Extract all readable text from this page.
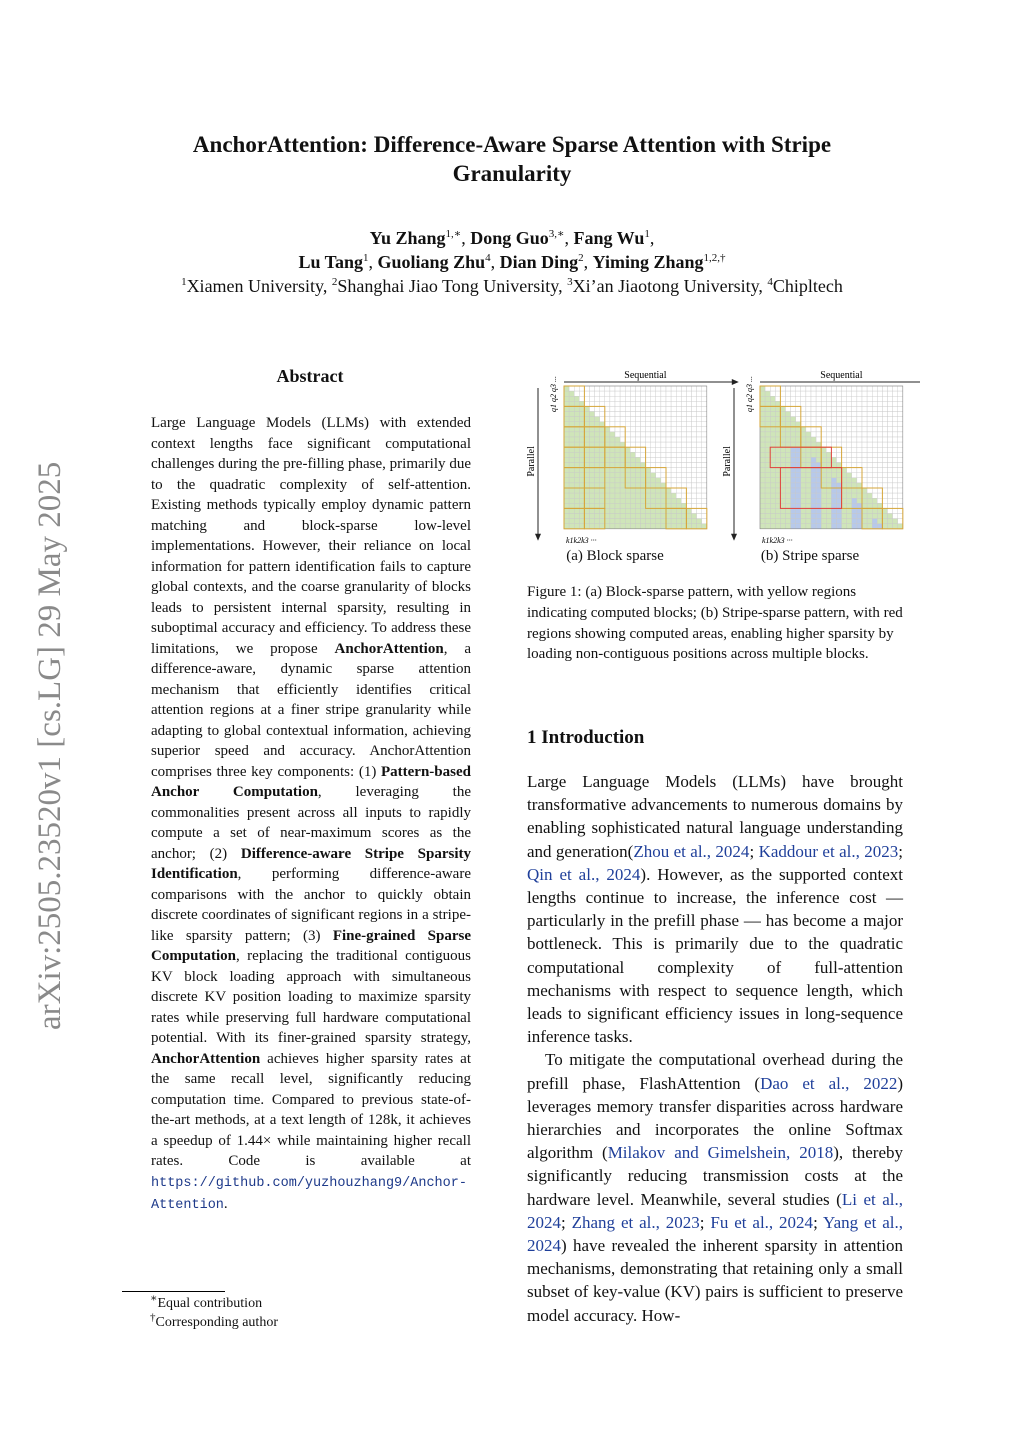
arXiv:2505.23520v1 [cs.LG] 29 May 2025
AnchorAttention: Difference-Aware Sparse Attention with Stripe
Granularity
Yu Zhang$^{1,∗}$, Dong Guo$^{3,∗}$, Fang Wu$^1$,
Lu Tang$^1$, Guoliang Zhu$^4$, Dian Ding$^2$, Yiming Zhang$^{1,2,\dagger}$
$^1$Xiamen University, $^2$Shanghai Jiao Tong University, $^3$Xi’an Jiaotong University, $^4$Chipltech
Abstract
Large Language Models (LLMs) with extended context lengths face significant computational challenges during the pre-filling phase, primarily due to the quadratic complexity of self-attention. Existing methods typically employ dynamic pattern matching and block-sparse low-level implementations. However, their reliance on local information for pattern identification fails to capture global contexts, and the coarse granularity of blocks leads to persistent internal sparsity, resulting in suboptimal accuracy and efficiency. To address these limitations, we propose AnchorAttention, a difference-aware, dynamic sparse attention mechanism that efficiently identifies critical attention regions at a finer stripe granularity while adapting to global contextual information, achieving superior speed and accuracy. AnchorAttention comprises three key components: (1) Pattern-based Anchor Computation, leveraging the commonalities present across all inputs to rapidly compute a set of near-maximum scores as the anchor; (2) Difference-aware Stripe Sparsity Identification, performing difference-aware comparisons with the anchor to quickly obtain discrete coordinates of significant regions in a stripe-like sparsity pattern; (3) Fine-grained Sparse Computation, replacing the traditional contiguous KV block loading approach with simultaneous discrete KV position loading to maximize sparsity rates while preserving full hardware computational potential. With its finer-grained sparsity strategy, AnchorAttention achieves higher sparsity rates at the same recall level, significantly reducing computation time. Compared to previous state-of-the-art methods, at a text length of 128k, it achieves a speedup of 1.44× while maintaining higher recall rates. Code is available at https://github.com/yuzhouzhang9/Anchor-Attention.
∗Equal contribution
†Corresponding author
Sequential
Parallel
q1 q2 q3 ...
k1k2k3 ···
Sequential
Parallel
q1 q2 q3 ...
k1k2k3 ···
(a) Block sparse	(b) Stripe sparse
Figure 1: (a) Block-sparse pattern, with yellow regions indicating computed blocks; (b) Stripe-sparse pattern, with red regions showing computed areas, enabling higher sparsity by loading non-contiguous positions across multiple blocks.
1 Introduction

Large Language Models (LLMs) have brought transformative advancements to numerous domains by enabling sophisticated natural language understanding and generation(Zhou et al., 2024; Kaddour et al., 2023; Qin et al., 2024). However, as the supported context lengths continue to increase, the inference cost — particularly in the prefill phase — has become a major bottleneck. This is primarily due to the quadratic computational complexity of full-attention mechanisms with respect to sequence length, which leads to significant efficiency issues in long-sequence inference tasks.

To mitigate the computational overhead during the prefill phase, FlashAttention (Dao et al., 2022) leverages memory transfer disparities across hardware hierarchies and incorporates the online Softmax algorithm (Milakov and Gimelshein, 2018), thereby significantly reducing transmission costs at the hardware level. Meanwhile, several studies (Li et al., 2024; Zhang et al., 2023; Fu et al., 2024; Yang et al., 2024) have revealed the inherent sparsity in attention mechanisms, demonstrating that retaining only a small subset of key-value (KV) pairs is sufficient to preserve model accuracy. How-
